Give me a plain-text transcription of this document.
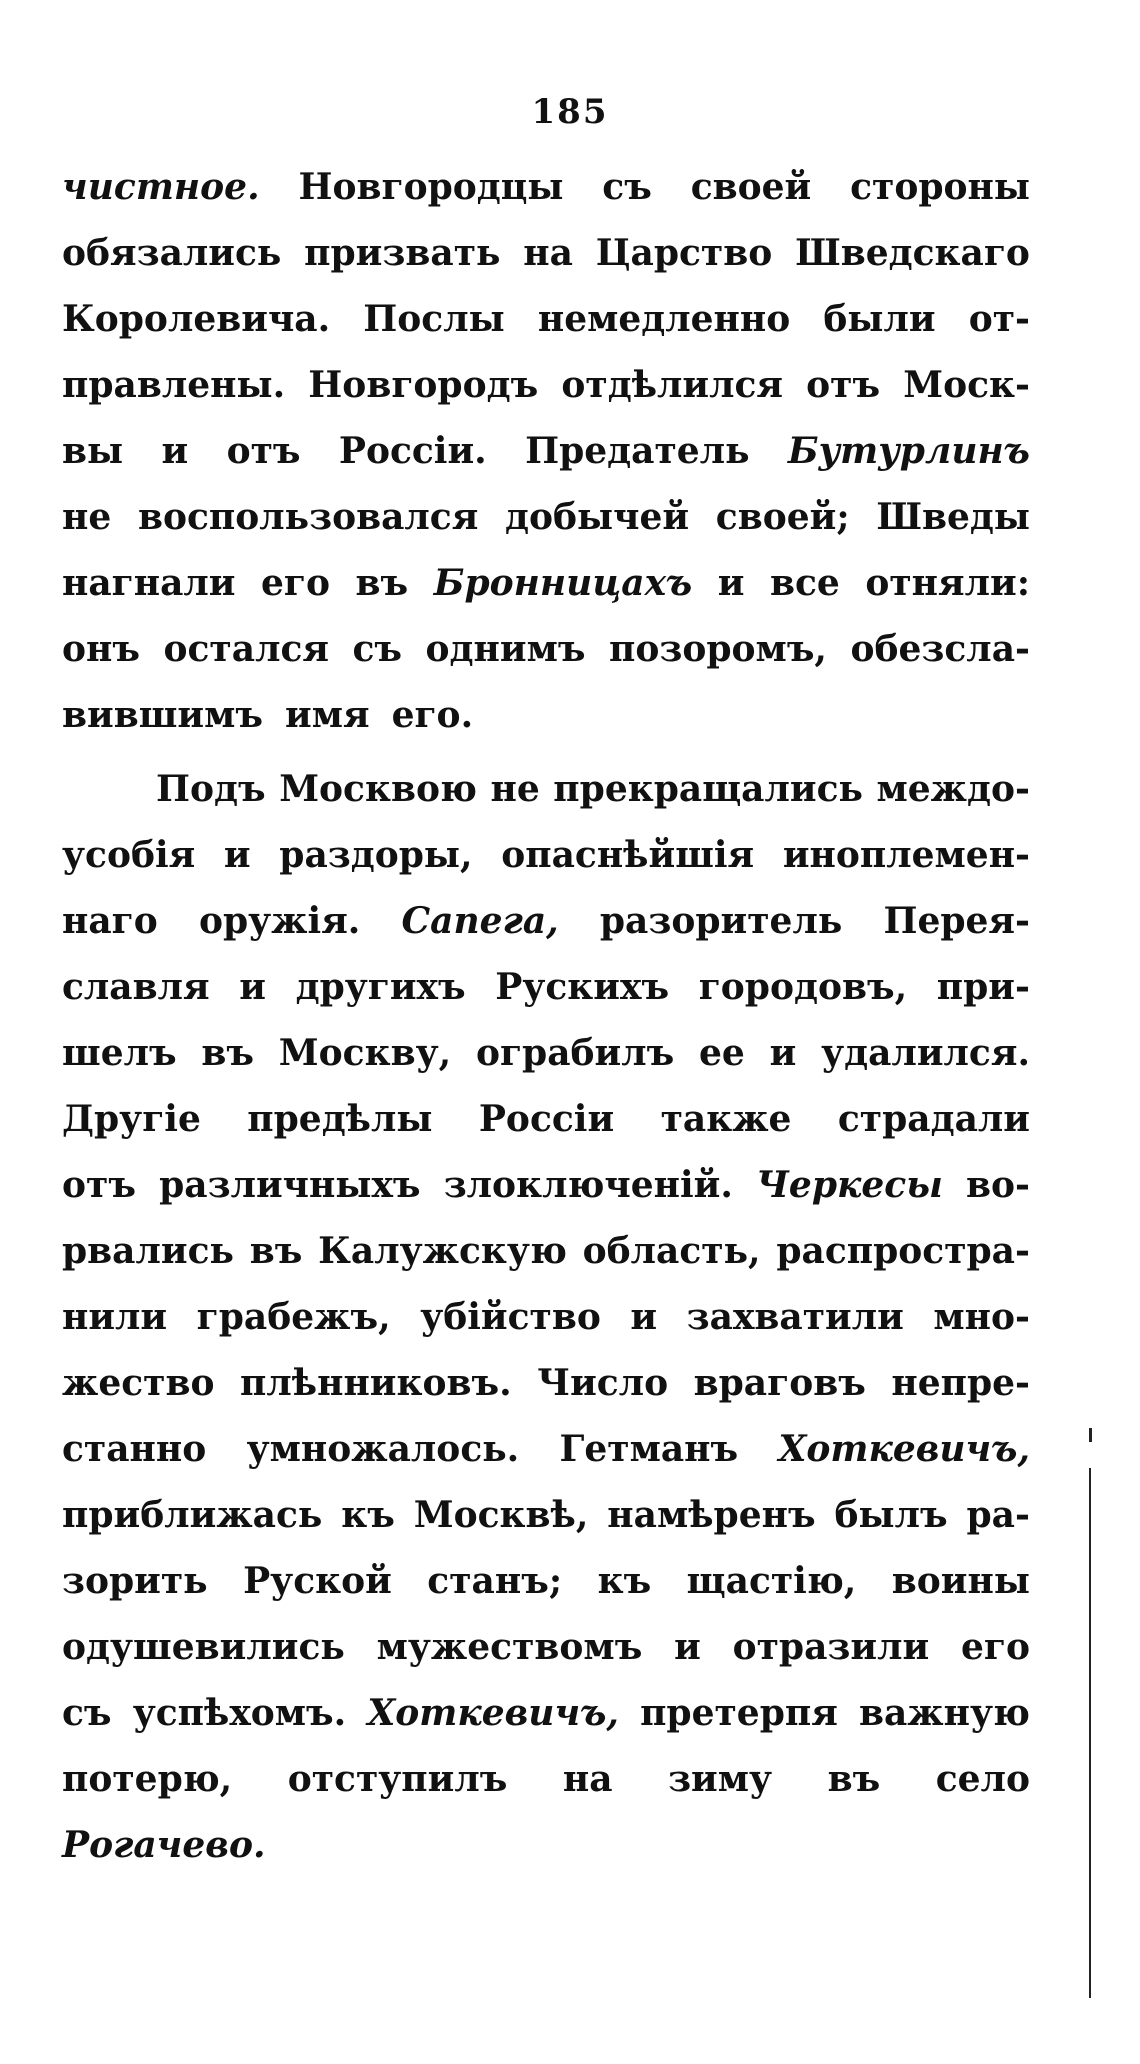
185
чистное. Новгородцы съ своей стороны
обязались призвать на Царство Шведскаго
Королевича. Послы немедленно были от-
правлены. Новгородъ отдѣлился отъ Моск-
вы и отъ Россіи. Предатель Бутурлинъ
не воспользовался добычей своей; Шведы
нагнали его въ Бронницахъ и все отняли:
онъ остался съ однимъ позоромъ, обезсла-
вившимъ имя его.
Подъ Москвою не прекращались междо-
усобія и раздоры, опаснѣйшія иноплемен-
наго оружія. Сапега, разоритель Перея-
славля и другихъ Рускихъ городовъ, при-
шелъ въ Москву, ограбилъ ее и удалился.
Другіе предѣлы Россіи также страдали
отъ различныхъ злоключеній. Черкесы во-
рвались въ Калужскую область, распростра-
нили грабежъ, убійство и захватили мно-
жество плѣнниковъ. Число враговъ непре-
станно умножалось. Гетманъ Хоткевичъ,
приближась къ Москвѣ, намѣренъ былъ ра-
зорить Руской станъ; къ щастію, воины
одушевились мужествомъ и отразили его
съ успѣхомъ. Хоткевичъ, претерпя важную
потерю, отступилъ на зиму въ село
Рогачево.
